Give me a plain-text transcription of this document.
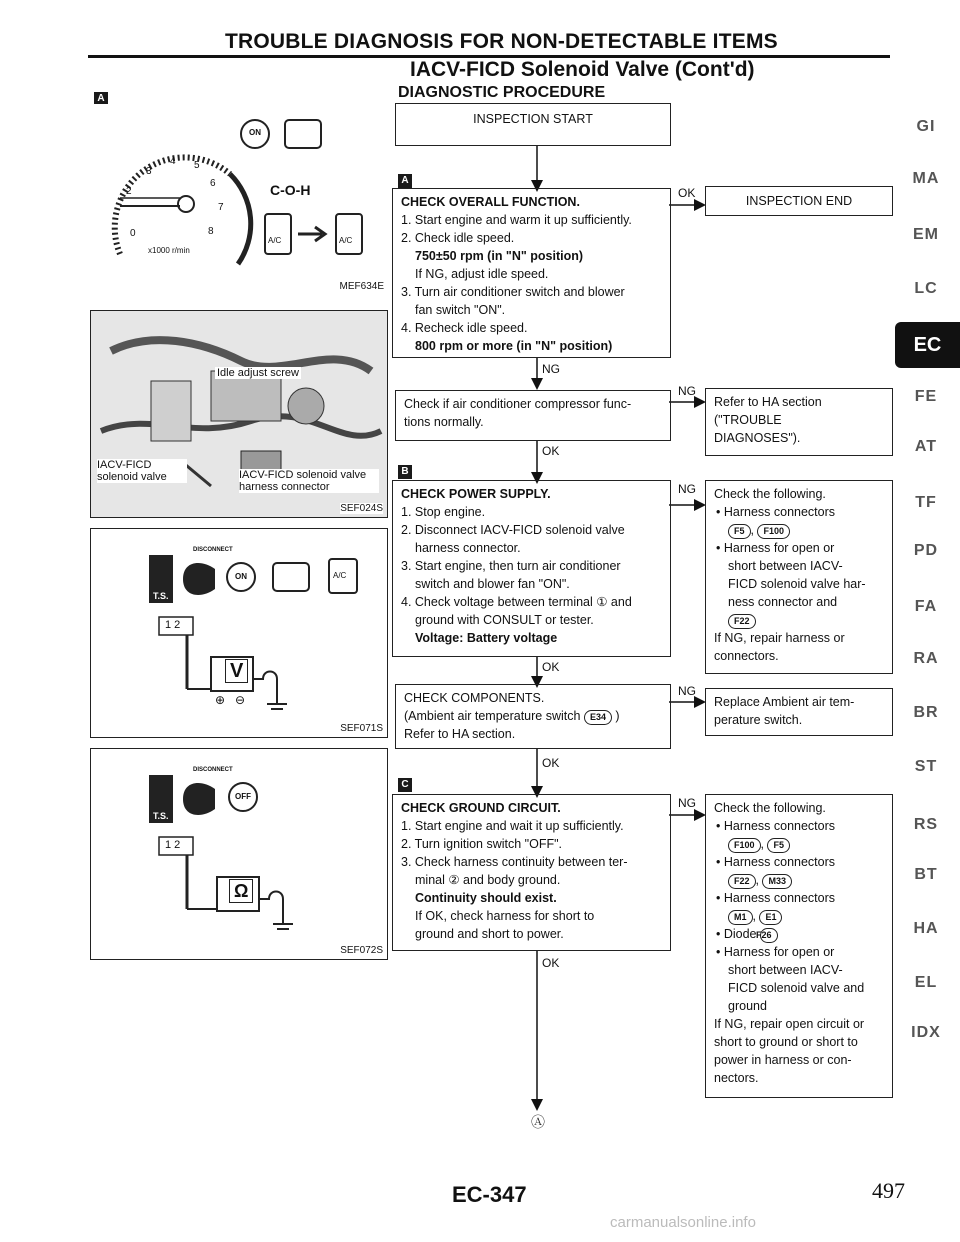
TROUBLE DIAGNOSIS FOR NON-DETECTABLE ITEMS
IACV-FICD Solenoid Valve (Cont'd)
DIAGNOSTIC PROCEDURE
A
3
4 5
6
2
7
8
0
x1000 r/min
ON
A/C	A/C
C-O-H
MEF634E
Idle adjust screw
IACV-FICD solenoid valve	IACV-FICD solenoid valve harness connector
SEF024S
DISCONNECT
T.S.
ON	A/C
1 2
V
⊕ ⊖
SEF071S
DISCONNECT
T.S.
OFF
1 2
Ω
SEF072S
INSPECTION START
A
CHECK OVERALL FUNCTION.
1. Start engine and warm it up sufficiently.
2. Check idle speed.
750±50 rpm (in "N" position)
If NG, adjust idle speed.
3. Turn air conditioner switch and blower
fan switch "ON".
4. Recheck idle speed.
800 rpm or more (in "N" position)
OK
INSPECTION END
NG
Check if air conditioner compressor func-
tions normally.
NG
Refer to HA section
("TROUBLE
DIAGNOSES").
OK
B
CHECK POWER SUPPLY.
1. Stop engine.
2. Disconnect IACV-FICD solenoid valve
harness connector.
3. Start engine, then turn air conditioner
switch and blower fan "ON".
4. Check voltage between terminal ① and
ground with CONSULT or tester.
Voltage: Battery voltage
NG Check the following.
• Harness connectors
F5 , F100
• Harness for open or
short between IACV-
FICD solenoid valve har-
ness connector and
F22
If NG, repair harness or
connectors.
OK
CHECK COMPONENTS.
(Ambient air temperature switch E34 )
Refer to HA section.
NG
Replace Ambient air tem-
perature switch.
OK
C
CHECK GROUND CIRCUIT.
1. Start engine and wait it up sufficiently.
2. Turn ignition switch "OFF".
3. Check harness continuity between ter-
minal ② and body ground.
Continuity should exist.
If OK, check harness for short to
ground and short to power.
NG Check the following.
• Harness connectors
F100 , F5
• Harness connectors
F22 , M33
• Harness connectors
M1 , E1
• Diode F26
• Harness for open or
short between IACV-
FICD solenoid valve and
ground
If NG, repair open circuit or
short to ground or short to
power in harness or con-
nectors.
OK
Ⓐ
GI
MA
EM
LC
EC
FE
AT
TF
PD
FA
RA
BR
ST
RS
BT
HA
EL
IDX
EC-347	497
carmanualsonline.info
